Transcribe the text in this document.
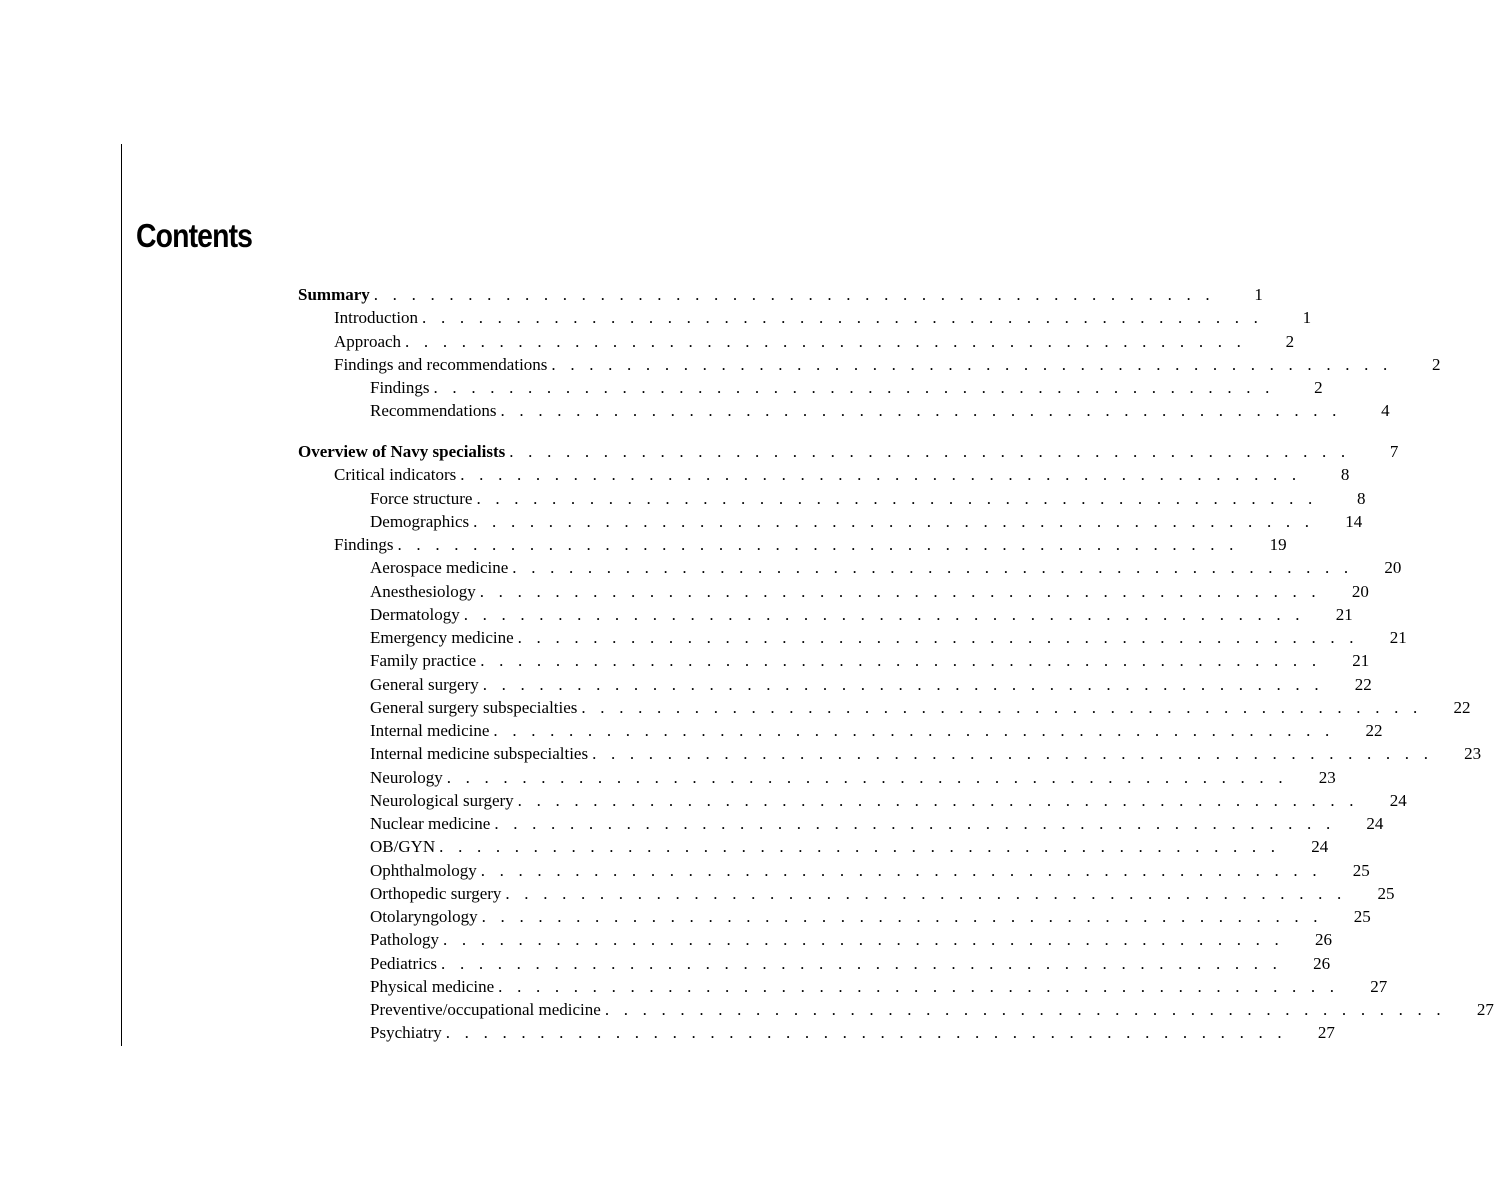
Contents
Summary . . . . . . . . . . . . . . . . . . . . . . . . . . . . . . . . . . . . . . . . . . . . .	1
Introduction . . . . . . . . . . . . . . . . . . . . . . . . . . . . . . . . . . . . . . . . . . . . .	1
Approach . . . . . . . . . . . . . . . . . . . . . . . . . . . . . . . . . . . . . . . . . . . . .	2
Findings and recommendations . . . . . . . . . . . . . . . . . . . . . . . . . . . . . . . . . . . . . . . . . . . . .	2
Findings . . . . . . . . . . . . . . . . . . . . . . . . . . . . . . . . . . . . . . . . . . . . .	2
Recommendations . . . . . . . . . . . . . . . . . . . . . . . . . . . . . . . . . . . . . . . . . . . . .	4
Overview of Navy specialists . . . . . . . . . . . . . . . . . . . . . . . . . . . . . . . . . . . . . . . . . . . . .	7
Critical indicators . . . . . . . . . . . . . . . . . . . . . . . . . . . . . . . . . . . . . . . . . . . . .	8
Force structure . . . . . . . . . . . . . . . . . . . . . . . . . . . . . . . . . . . . . . . . . . . . .	8
Demographics . . . . . . . . . . . . . . . . . . . . . . . . . . . . . . . . . . . . . . . . . . . . . 14
Findings . . . . . . . . . . . . . . . . . . . . . . . . . . . . . . . . . . . . . . . . . . . . . 19
Aerospace medicine . . . . . . . . . . . . . . . . . . . . . . . . . . . . . . . . . . . . . . . . . . . . . 20
Anesthesiology . . . . . . . . . . . . . . . . . . . . . . . . . . . . . . . . . . . . . . . . . . . . . 20
Dermatology . . . . . . . . . . . . . . . . . . . . . . . . . . . . . . . . . . . . . . . . . . . . . 21
Emergency medicine . . . . . . . . . . . . . . . . . . . . . . . . . . . . . . . . . . . . . . . . . . . . . 21
Family practice . . . . . . . . . . . . . . . . . . . . . . . . . . . . . . . . . . . . . . . . . . . . . 21
General surgery . . . . . . . . . . . . . . . . . . . . . . . . . . . . . . . . . . . . . . . . . . . . . 22
General surgery subspecialties . . . . . . . . . . . . . . . . . . . . . . . . . . . . . . . . . . . . . . . . . . . . . 22
Internal medicine . . . . . . . . . . . . . . . . . . . . . . . . . . . . . . . . . . . . . . . . . . . . . 22
Internal medicine subspecialties . . . . . . . . . . . . . . . . . . . . . . . . . . . . . . . . . . . . . . . . . . . . . 23
Neurology . . . . . . . . . . . . . . . . . . . . . . . . . . . . . . . . . . . . . . . . . . . . . 23
Neurological surgery . . . . . . . . . . . . . . . . . . . . . . . . . . . . . . . . . . . . . . . . . . . . . 24
Nuclear medicine . . . . . . . . . . . . . . . . . . . . . . . . . . . . . . . . . . . . . . . . . . . . . 24
OB/GYN . . . . . . . . . . . . . . . . . . . . . . . . . . . . . . . . . . . . . . . . . . . . . 24
Ophthalmology . . . . . . . . . . . . . . . . . . . . . . . . . . . . . . . . . . . . . . . . . . . . . 25
Orthopedic surgery . . . . . . . . . . . . . . . . . . . . . . . . . . . . . . . . . . . . . . . . . . . . . 25
Otolaryngology . . . . . . . . . . . . . . . . . . . . . . . . . . . . . . . . . . . . . . . . . . . . . 25
Pathology . . . . . . . . . . . . . . . . . . . . . . . . . . . . . . . . . . . . . . . . . . . . . 26
Pediatrics . . . . . . . . . . . . . . . . . . . . . . . . . . . . . . . . . . . . . . . . . . . . . 26
Physical medicine . . . . . . . . . . . . . . . . . . . . . . . . . . . . . . . . . . . . . . . . . . . . . 27
Preventive/occupational medicine . . . . . . . . . . . . . . . . . . . . . . . . . . . . . . . . . . . . . . . . . . . . . 27
Psychiatry . . . . . . . . . . . . . . . . . . . . . . . . . . . . . . . . . . . . . . . . . . . . . 27
